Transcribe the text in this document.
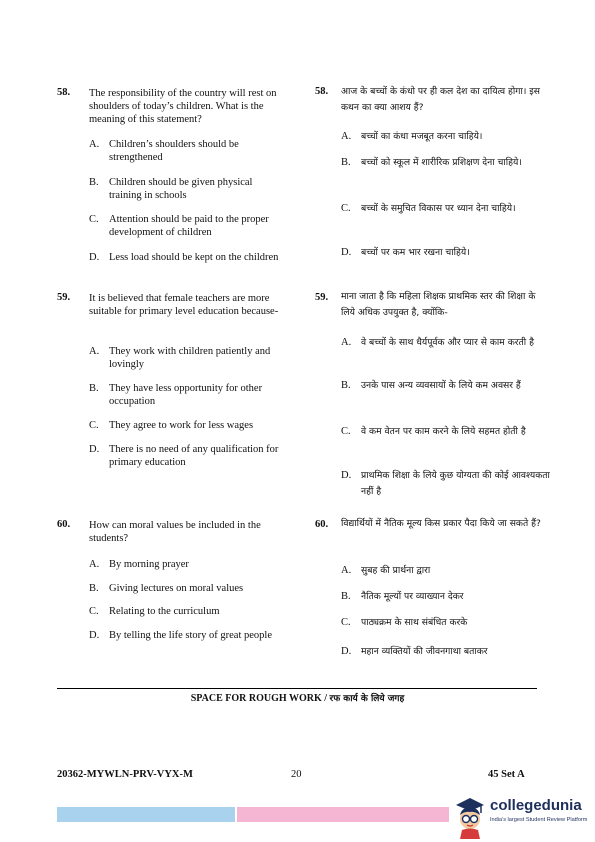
58. The responsibility of the country will rest on shoulders of today’s children. What is the meaning of this statement?
A. Children’s shoulders should be strengthened
B. Children should be given physical training in schools
C. Attention should be paid to the proper development of children
D. Less load should be kept on the children
58. आज के बच्चों के कंधो पर ही कल देश का दायित्व होगा। इस कथन का क्या आशय हैं?
A. बच्चों का कंधा मजबूत करना चाहिये।
B. बच्चों को स्कूल में शारीरिक प्रशिक्षण देना चाहिये।
C. बच्चों के समुचित विकास पर ध्यान देना चाहिये।
D. बच्चों पर कम भार रखना चाहिये।
59. It is believed that female teachers are more suitable for primary level education because-
A. They work with children patiently and lovingly
B. They have less opportunity for other occupation
C. They agree to work for less wages
D. There is no need of any qualification for primary education
59. माना जाता है कि महिला शिक्षक प्राथमिक स्तर की शिक्षा के लिये अधिक उपयुक्त है, क्योंकि-
A. वे बच्चों के साथ धैर्यपूर्वक और प्यार से काम करती है
B. उनके पास अन्य व्यवसायों के लिये कम अवसर हैं
C. वे कम वेतन पर काम करने के लिये सहमत होती है
D. प्राथमिक शिक्षा के लिये कुछ योग्यता की कोई आवश्यकता नहीं है
60. How can moral values be included in the students?
A. By morning prayer
B. Giving lectures on moral values
C. Relating to the curriculum
D. By telling the life story of great people
60. विद्यार्थियों में नैतिक मूल्य किस प्रकार पैदा किये जा सकते हैं?
A. सुबह की प्रार्थना द्वारा
B. नैतिक मूल्यों पर व्याख्यान देकर
C. पाठ्यक्रम के साथ संबंधित करके
D. महान व्यक्तियों की जीवनगाथा बताकर
SPACE FOR ROUGH WORK / रफ कार्य के लिये जगह
20362-MYWLN-PRV-VYX-M	20	45 Set A
collegedunia
India's largest Student Review Platform
